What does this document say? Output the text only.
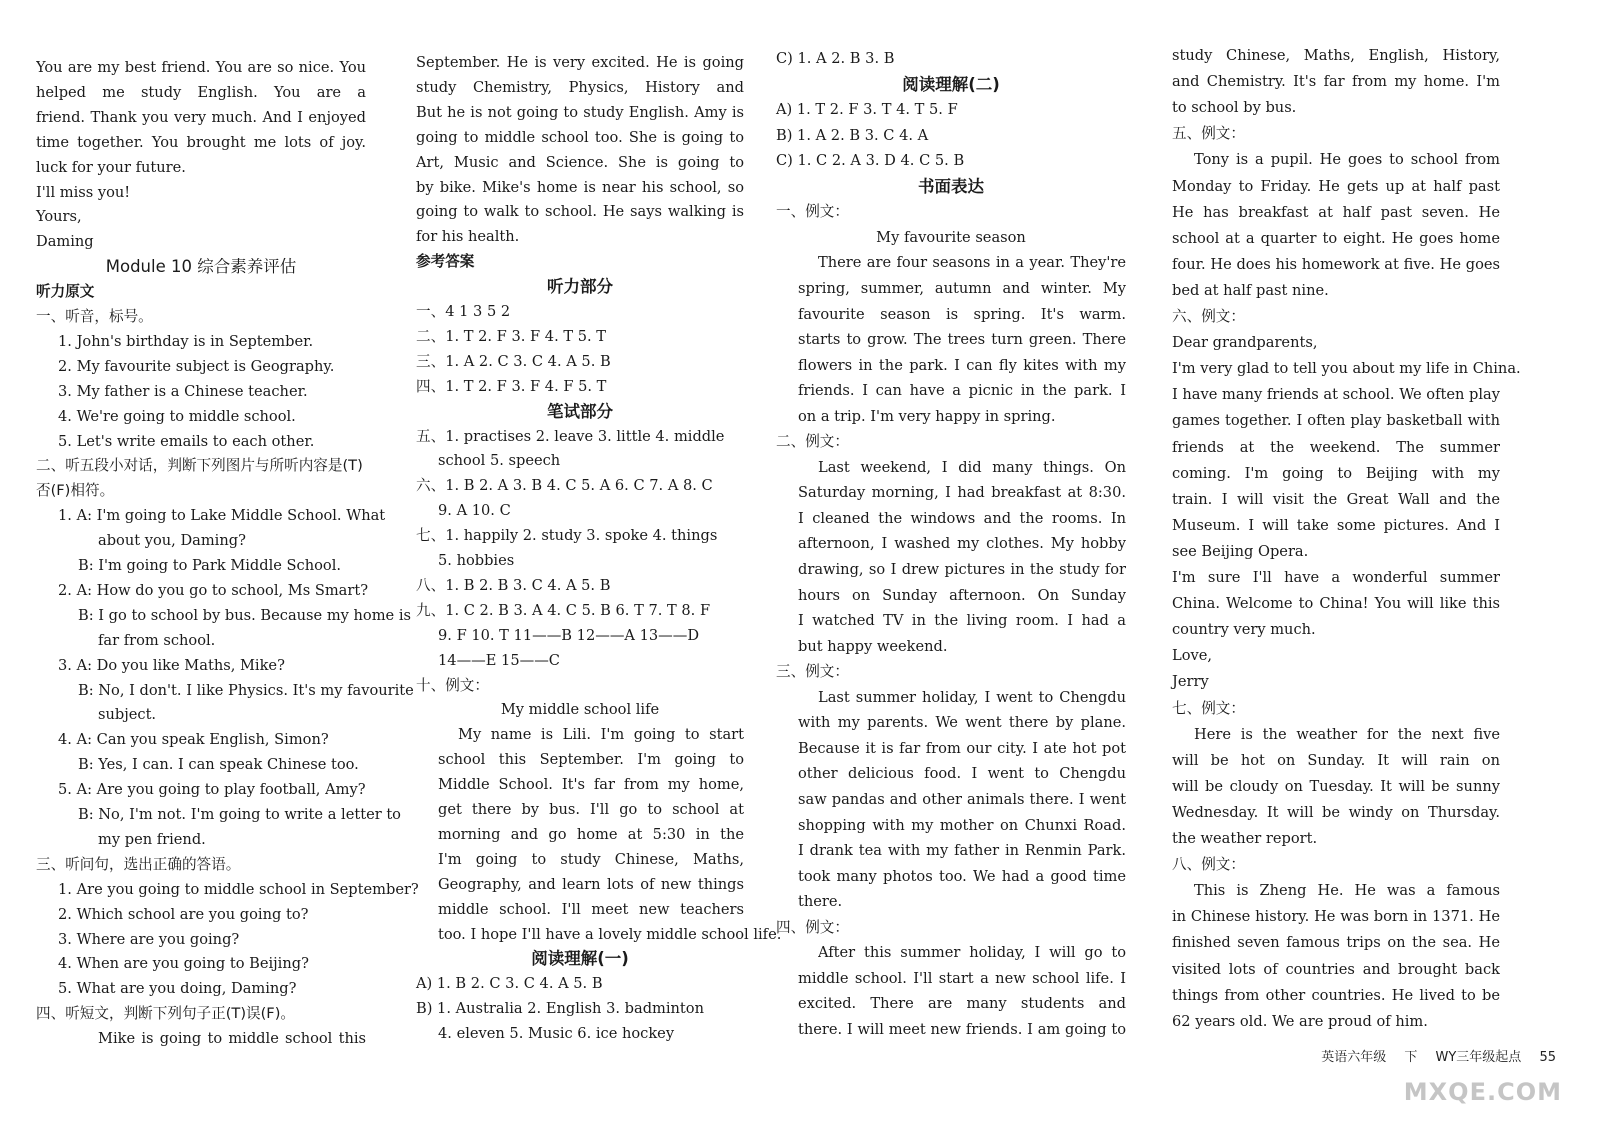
You are my best friend. You are so nice. You
helped me study English. You are a
friend. Thank you very much. And I enjoyed
time together. You brought me lots of joy.
luck for your future.
I'll miss you!
Yours,
Daming
Module 10 综合素养评估
听力原文
一、听音，标号。
1. John's birthday is in September.
2. My favourite subject is Geography.
3. My father is a Chinese teacher.
4. We're going to middle school.
5. Let's write emails to each other.
二、听五段小对话，判断下列图片与所听内容是(T)
否(F)相符。
1. A: I'm going to Lake Middle School. What
about you, Daming?
B: I'm going to Park Middle School.
2. A: How do you go to school, Ms Smart?
B: I go to school by bus. Because my home is
far from school.
3. A: Do you like Maths, Mike?
B: No, I don't. I like Physics. It's my favourite
subject.
4. A: Can you speak English, Simon?
B: Yes, I can. I can speak Chinese too.
5. A: Are you going to play football, Amy?
B: No, I'm not. I'm going to write a letter to
my pen friend.
三、听问句，选出正确的答语。
1. Are you going to middle school in September?
2. Which school are you going to?
3. Where are you going?
4. When are you going to Beijing?
5. What are you doing, Daming?
四、听短文，判断下列句子正(T)误(F)。
Mike is going to middle school this
September. He is very excited. He is going
study Chemistry, Physics, History and
But he is not going to study English. Amy is
going to middle school too. She is going to
Art, Music and Science. She is going to
by bike. Mike's home is near his school, so
going to walk to school. He says walking is
for his health.
参考答案
听力部分
一、4 1 3 5 2
二、1. T 2. F 3. F 4. T 5. T
三、1. A 2. C 3. C 4. A 5. B
四、1. T 2. F 3. F 4. F 5. T
笔试部分
五、1. practises 2. leave 3. little 4. middle
school 5. speech
六、1. B 2. A 3. B 4. C 5. A 6. C 7. A 8. C
9. A 10. C
七、1. happily 2. study 3. spoke 4. things
5. hobbies
八、1. B 2. B 3. C 4. A 5. B
九、1. C 2. B 3. A 4. C 5. B 6. T 7. T 8. F
9. F 10. T 11——B 12——A 13——D
14——E 15——C
十、例文：
My middle school life
My name is Lili. I'm going to start
school this September. I'm going to
Middle School. It's far from my home,
get there by bus. I'll go to school at
morning and go home at 5:30 in the
I'm going to study Chinese, Maths,
Geography, and learn lots of new things
middle school. I'll meet new teachers
too. I hope I'll have a lovely middle school life.
阅读理解(一)
A) 1. B 2. C 3. C 4. A 5. B
B) 1. Australia 2. English 3. badminton
4. eleven 5. Music 6. ice hockey
C) 1. A 2. B 3. B
阅读理解(二)
A) 1. T 2. F 3. T 4. T 5. F
B) 1. A 2. B 3. C 4. A
C) 1. C 2. A 3. D 4. C 5. B
书面表达
一、例文：
My favourite season
There are four seasons in a year. They're
spring, summer, autumn and winter. My
favourite season is spring. It's warm.
starts to grow. The trees turn green. There
flowers in the park. I can fly kites with my
friends. I can have a picnic in the park. I
on a trip. I'm very happy in spring.
二、例文：
Last weekend, I did many things. On
Saturday morning, I had breakfast at 8:30.
I cleaned the windows and the rooms. In
afternoon, I washed my clothes. My hobby
drawing, so I drew pictures in the study for
hours on Sunday afternoon. On Sunday
I watched TV in the living room. I had a
but happy weekend.
三、例文：
Last summer holiday, I went to Chengdu
with my parents. We went there by plane.
Because it is far from our city. I ate hot pot
other delicious food. I went to Chengdu
saw pandas and other animals there. I went
shopping with my mother on Chunxi Road.
I drank tea with my father in Renmin Park.
took many photos too. We had a good time
there.
四、例文：
After this summer holiday, I will go to
middle school. I'll start a new school life. I
excited. There are many students and
there. I will meet new friends. I am going to
study Chinese, Maths, English, History,
and Chemistry. It's far from my home. I'm
to school by bus.
五、例文：
Tony is a pupil. He goes to school from
Monday to Friday. He gets up at half past
He has breakfast at half past seven. He
school at a quarter to eight. He goes home
four. He does his homework at five. He goes
bed at half past nine.
六、例文：
Dear grandparents,
I'm very glad to tell you about my life in China.
I have many friends at school. We often play
games together. I often play basketball with
friends at the weekend. The summer
coming. I'm going to Beijing with my
train. I will visit the Great Wall and the
Museum. I will take some pictures. And I
see Beijing Opera.
I'm sure I'll have a wonderful summer
China. Welcome to China! You will like this
country very much.
Love,
Jerry
七、例文：
Here is the weather for the next five
will be hot on Sunday. It will rain on
will be cloudy on Tuesday. It will be sunny
Wednesday. It will be windy on Thursday.
the weather report.
八、例文：
This is Zheng He. He was a famous
in Chinese history. He was born in 1371. He
finished seven famous trips on the sea. He
visited lots of countries and brought back
things from other countries. He lived to be
62 years old. We are proud of him.
英语六年级 下 WY三年级起点 55
MXQE.COM
